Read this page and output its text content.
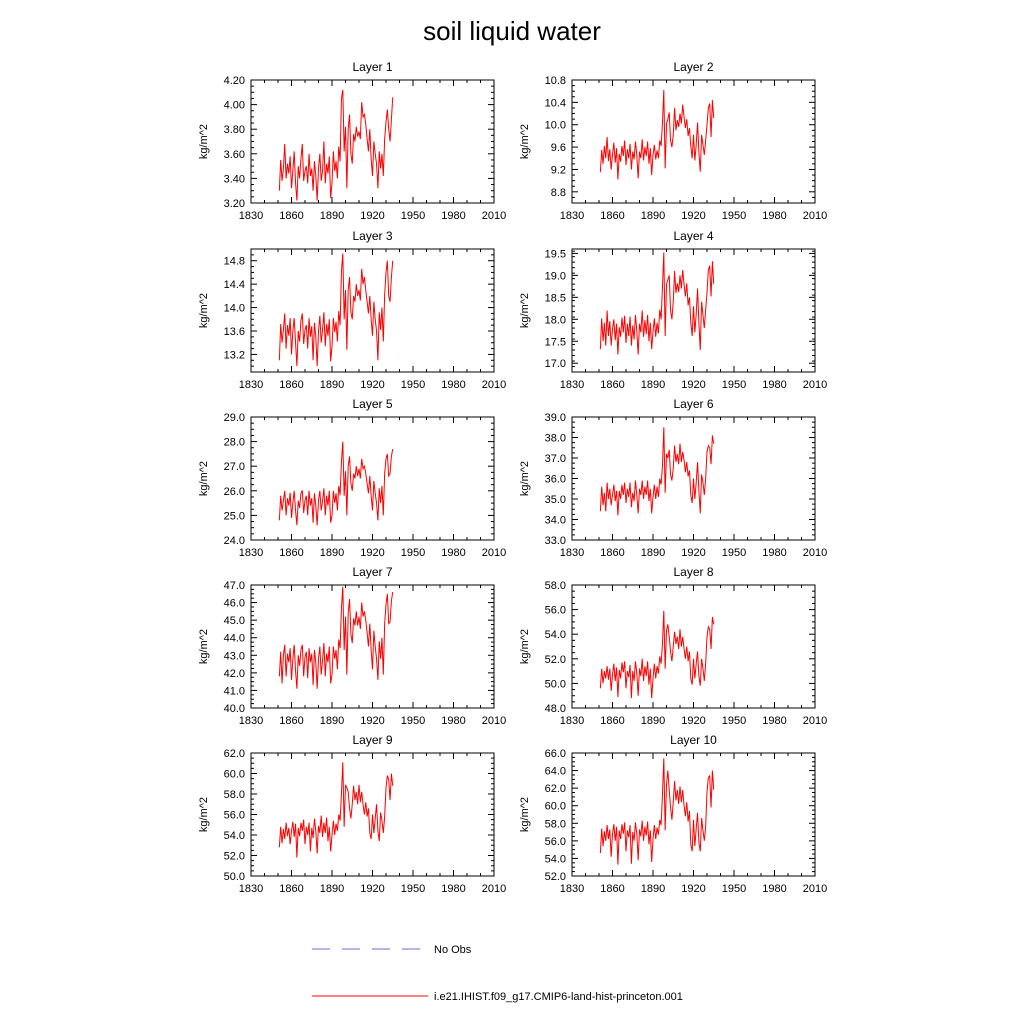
soil liquid water
Layer 1
kg/m^2
1830 1860 1890 1920 1950 1980 2010
3.20
3.40
3.60
3.80
4.00
4.20
Layer 2
kg/m^2
1830 1860 1890 1920 1950 1980 2010
8.8
9.2
9.6
10.0
10.4
10.8
Layer 3
kg/m^2
1830 1860 1890 1920 1950 1980 2010
13.2
13.6
14.0
14.4
14.8
Layer 4
kg/m^2
1830 1860 1890 1920 1950 1980 2010
17.0
17.5
18.0
18.5
19.0
19.5
Layer 5
kg/m^2
1830 1860 1890 1920 1950 1980 2010
24.0
25.0
26.0
27.0
28.0
29.0
Layer 6
kg/m^2
1830 1860 1890 1920 1950 1980 2010
33.0
34.0
35.0
36.0
37.0
38.0
39.0
Layer 7
kg/m^2
1830 1860 1890 1920 1950 1980 2010
40.0
41.0
42.0
43.0
44.0
45.0
46.0
47.0
Layer 8
kg/m^2
1830 1860 1890 1920 1950 1980 2010
48.0
50.0
52.0
54.0
56.0
58.0
Layer 9
kg/m^2
1830 1860 1890 1920 1950 1980 2010
50.0
52.0
54.0
56.0
58.0
60.0
62.0
Layer 10
kg/m^2
1830 1860 1890 1920 1950 1980 2010
52.0
54.0
56.0
58.0
60.0
62.0
64.0
66.0
No Obs
i.e21.IHIST.f09_g17.CMIP6-land-hist-princeton.001
